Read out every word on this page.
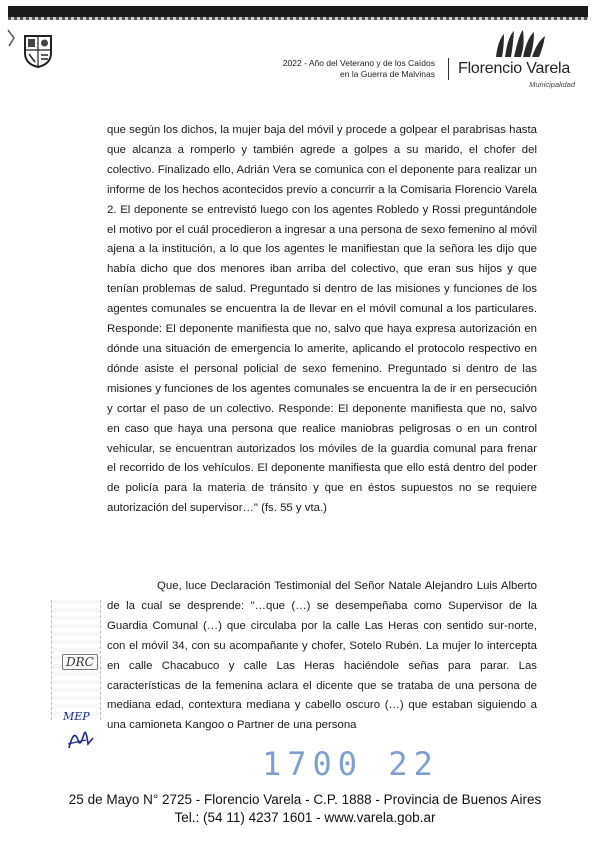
2022 - Año del Veterano y de los Caídos
en la Guerra de Malvinas Florencio Varela
Municipalidad

que según los dichos, la mujer baja del móvil y procede a golpear el parabrisas hasta que alcanza a romperlo y también agrede a golpes a su marido, el chofer del colectivo. Finalizado ello, Adrián Vera se comunica con el deponente para realizar un informe de los hechos acontecidos previo a concurrir a la Comisaria Florencio Varela 2. El deponente se entrevistó luego con los agentes Robledo y Rossi preguntándole el motivo por el cuál procedieron a ingresar a una persona de sexo femenino al móvil ajena a la institución, a lo que los agentes le manifiestan que la señora les dijo que había dicho que dos menores iban arriba del colectivo, que eran sus hijos y que tenían problemas de salud. Preguntado si dentro de las misiones y funciones de los agentes comunales se encuentra la de llevar en el móvil comunal a los particulares. Responde: El deponente manifiesta que no, salvo que haya expresa autorización en dónde una situación de emergencia lo amerite, aplicando el protocolo respectivo en dónde asiste el personal policial de sexo femenino. Preguntado si dentro de las misiones y funciones de los agentes comunales se encuentra la de ir en persecución y cortar el paso de un colectivo. Responde: El deponente manifiesta que no, salvo en caso que haya una persona que realice maniobras peligrosas o en un control vehicular, se encuentran autorizados los móviles de la guardia comunal para frenar el recorrido de los vehículos. El deponente manifiesta que ello está dentro del poder de policía para la materia de tránsito y que en éstos supuestos no se requiere autorización del supervisor…" (fs. 55 y vta.)

DRC
MEP

Que, luce Declaración Testimonial del Señor Natale Alejandro Luis Alberto de la cual se desprende: "…que (…) se desempeñaba como Supervisor de la Guardia Comunal (…) que circulaba por la calle Las Heras con sentido sur-norte, con el móvil 34, con su acompañante y chofer, Sotelo Rubén. La mujer lo intercepta en calle Chacabuco y calle Las Heras haciéndole señas para parar. Las características de la femenina aclara el dicente que se trataba de una persona de mediana edad, contextura mediana y cabello oscuro (…) que estaban siguiendo a una camioneta Kangoo o Partner de una persona

1700 22
25 de Mayo N° 2725 - Florencio Varela - C.P. 1888 - Provincia de Buenos Aires
Tel.: (54 11) 4237 1601 - www.varela.gob.ar
